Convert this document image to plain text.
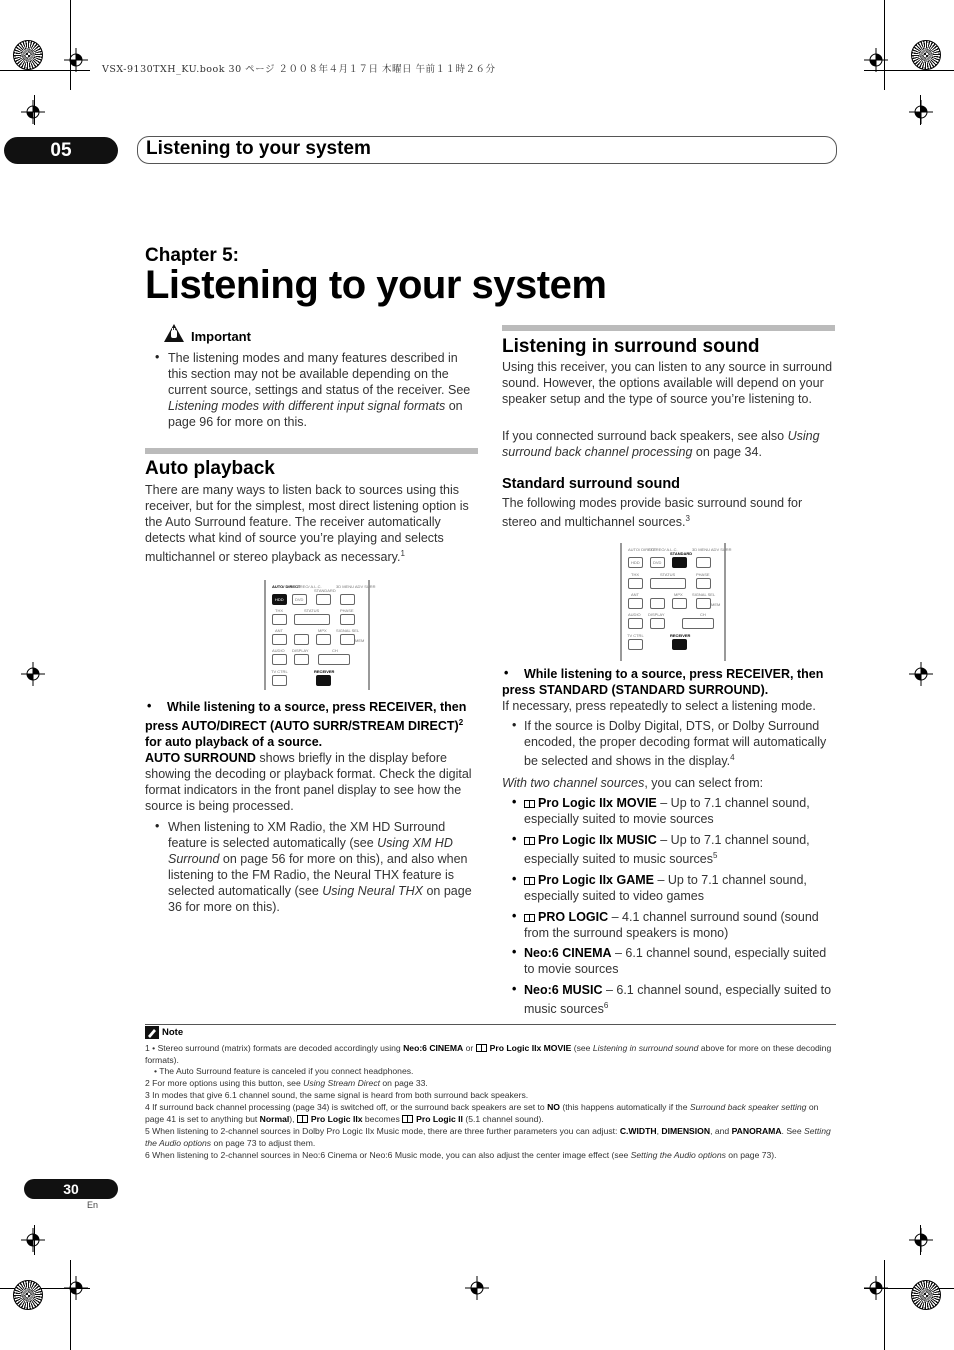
VSX-9130TXH_KU.book 30 ページ ２００８年４月１７日 木曜日 午前１１時２６分
05	Listening to your system
Chapter 5:
Listening to your system
Important
• The listening modes and many features described in this section may not be available depending on the current source, settings and status of the receiver. See Listening modes with different input signal formats on page 96 for more on this.
Auto playback
There are many ways to listen back to sources using this receiver, but for the simplest, most direct listening option is the Auto Surround feature. The receiver automatically detects what kind of source you’re playing and selects multichannel or stereo playback as necessary.$^1$
AUTO/ DIRECT
STEREO/ A.L.C.
STANDARD
3D MENU ADV SURR
HDD	DVD
THX	STATUS	PHASE
ANT	MPX SIGNAL SEL
MEM
AUDIO DISPLAY	CH
TV CTRL	RECEIVER
•	While listening to a source, press RECEIVER, then press AUTO/DIRECT (AUTO SURR/STREAM DIRECT)$^2$ for auto playback of a source.
AUTO SURROUND shows briefly in the display before showing the decoding or playback format. Check the digital format indicators in the front panel display to see how the source is being processed.
• When listening to XM Radio, the XM HD Surround feature is selected automatically (see Using XM HD Surround on page 56 for more on this), and also when listening to the FM Radio, the Neural THX feature is selected automatically (see Using Neural THX on page 36 for more on this).
Listening in surround sound
Using this receiver, you can listen to any source in surround sound. However, the options available will depend on your speaker setup and the type of source you’re listening to.
If you connected surround back speakers, see also Using surround back channel processing on page 34.
Standard surround sound
The following modes provide basic surround sound for stereo and multichannel sources.$^3$
AUTO/ DIRECT
STEREO/ A.L.C.
STANDARD
3D MENU ADV SURR
HDD	DVD
THX	STATUS	PHASE
ANT	MPX SIGNAL SEL
MEM
AUDIO DISPLAY	CH
TV CTRL	RECEIVER
•	While listening to a source, press RECEIVER, then press STANDARD (STANDARD SURROUND).
If necessary, press repeatedly to select a listening mode.
• If the source is Dolby Digital, DTS, or Dolby Surround encoded, the proper decoding format will automatically be selected and shows in the display.$^4$
With two channel sources, you can select from:
•	Pro Logic IIx MOVIE – Up to 7.1 channel sound, especially suited to movie sources
•	Pro Logic IIx MUSIC – Up to 7.1 channel sound, especially suited to music sources$^5$
•	Pro Logic IIx GAME – Up to 7.1 channel sound, especially suited to video games
•	PRO LOGIC – 4.1 channel surround sound (sound from the surround speakers is mono)
• Neo:6 CINEMA – 6.1 channel sound, especially suited to movie sources
• Neo:6 MUSIC – 6.1 channel sound, especially suited to music sources$^6$
Note
1 • Stereo surround (matrix) formats are decoded accordingly using Neo:6 CINEMA or Pro Logic IIx MOVIE (see Listening in surround sound above for more on these decoding formats).
• The Auto Surround feature is canceled if you connect headphones.
2 For more options using this button, see Using Stream Direct on page 33.
3 In modes that give 6.1 channel sound, the same signal is heard from both surround back speakers.
4 If surround back channel processing (page 34) is switched off, or the surround back speakers are set to NO (this happens automatically if the Surround back speaker setting on page 41 is set to anything but Normal), Pro Logic IIx becomes Pro Logic II (5.1 channel sound).
5 When listening to 2-channel sources in Dolby Pro Logic IIx Music mode, there are three further parameters you can adjust: C.WIDTH, DIMENSION, and PANORAMA. See Setting the Audio options on page 73 to adjust them.
6 When listening to 2-channel sources in Neo:6 Cinema or Neo:6 Music mode, you can also adjust the center image effect (see Setting the Audio options on page 73).
30
En
